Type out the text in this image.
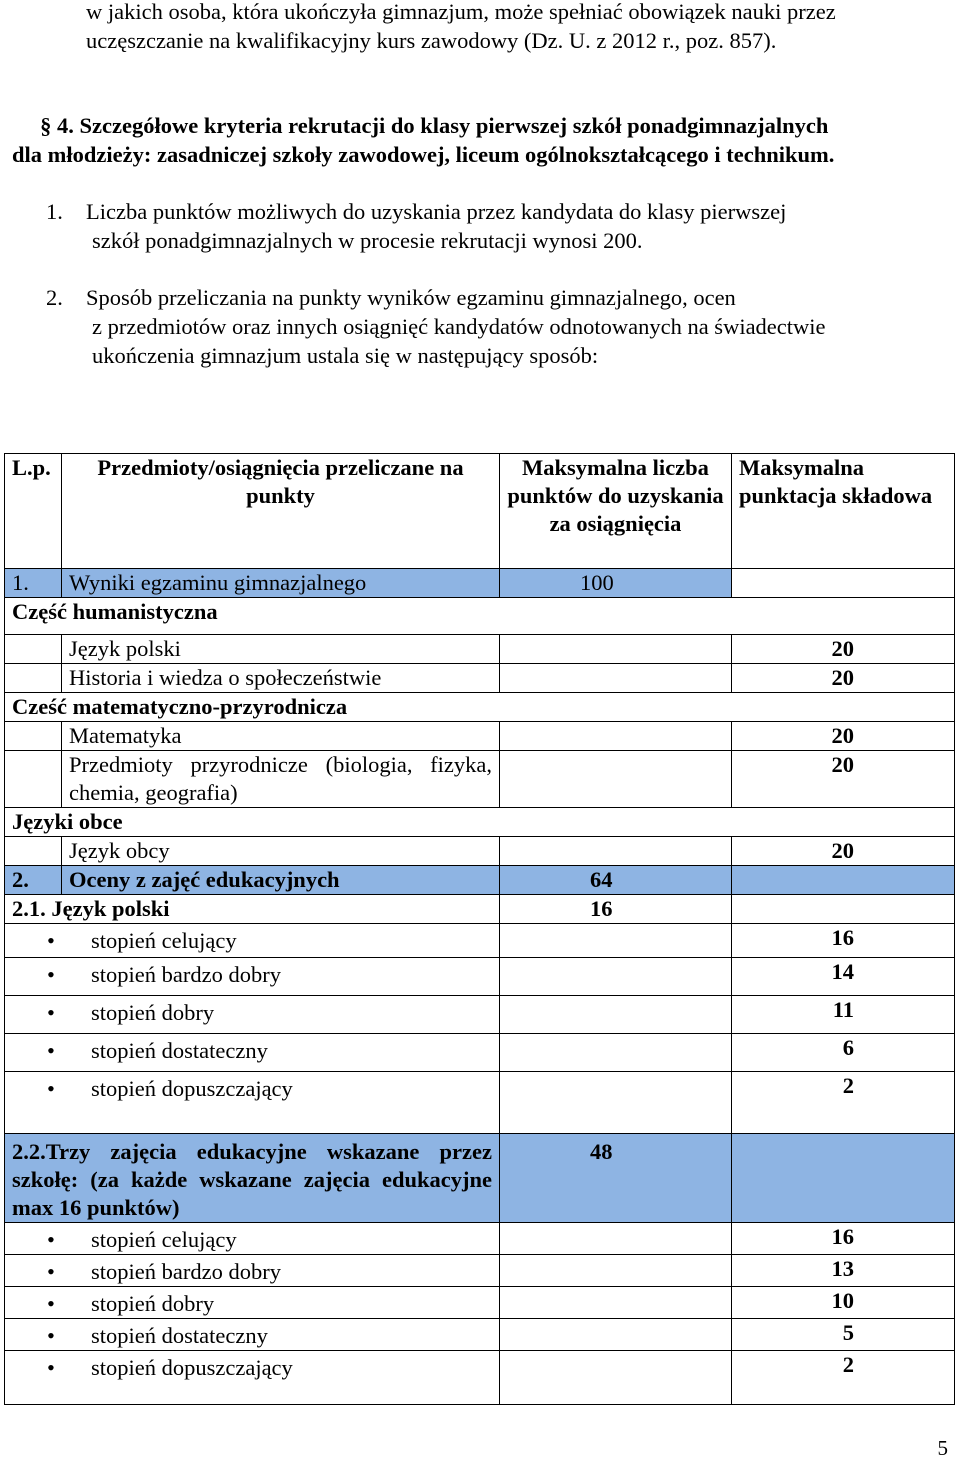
w jakich osoba, która ukończyła gimnazjum, może spełniać obowiązek nauki przez
uczęszczanie na kwalifikacyjny kurs zawodowy (Dz. U. z 2012 r., poz. 857).
§ 4. Szczegółowe kryteria rekrutacji do klasy pierwszej szkół ponadgimnazjalnych
dla młodzieży: zasadniczej szkoły zawodowej, liceum ogólnokształcącego i technikum.
1. Liczba punktów możliwych do uzyskania przez kandydata do klasy pierwszej
szkół ponadgimnazjalnych w procesie rekrutacji wynosi 200.
2. Sposób przeliczania na punkty wyników egzaminu gimnazjalnego, ocen
z przedmiotów oraz innych osiągnięć kandydatów odnotowanych na świadectwie
ukończenia gimnazjum ustala się w następujący sposób:
L.p.	Przedmioty/osiągnięcia przeliczane na punkty	Maksymalna liczba punktów do uzyskania za osiągnięcia	Maksymalna punktacja składowa
1.	Wyniki egzaminu gimnazjalnego	100	
Część humanistyczna			
	Język polski		20
	Historia i wiedza o społeczeństwie		20
Cześć matematyczno-przyrodnicza			
	Matematyka		20
	Przedmioty przyrodnicze (biologia, fizyka, chemia, geografia)		20
Języki obce			
	Język obcy		20
2.	Oceny z zajęć edukacyjnych	64	
2.1. Język polski		16	
• stopień celujący			16
• stopień bardzo dobry			14
• stopień dobry			11
• stopień dostateczny			6
• stopień dopuszczający			2
2.2.Trzy zajęcia edukacyjne wskazane przez szkołę: (za każde wskazane zajęcia edukacyjne max 16 punktów)		48	
• stopień celujący			16
• stopień bardzo dobry			13
• stopień dobry			10
• stopień dostateczny			5
• stopień dopuszczający			2
5
